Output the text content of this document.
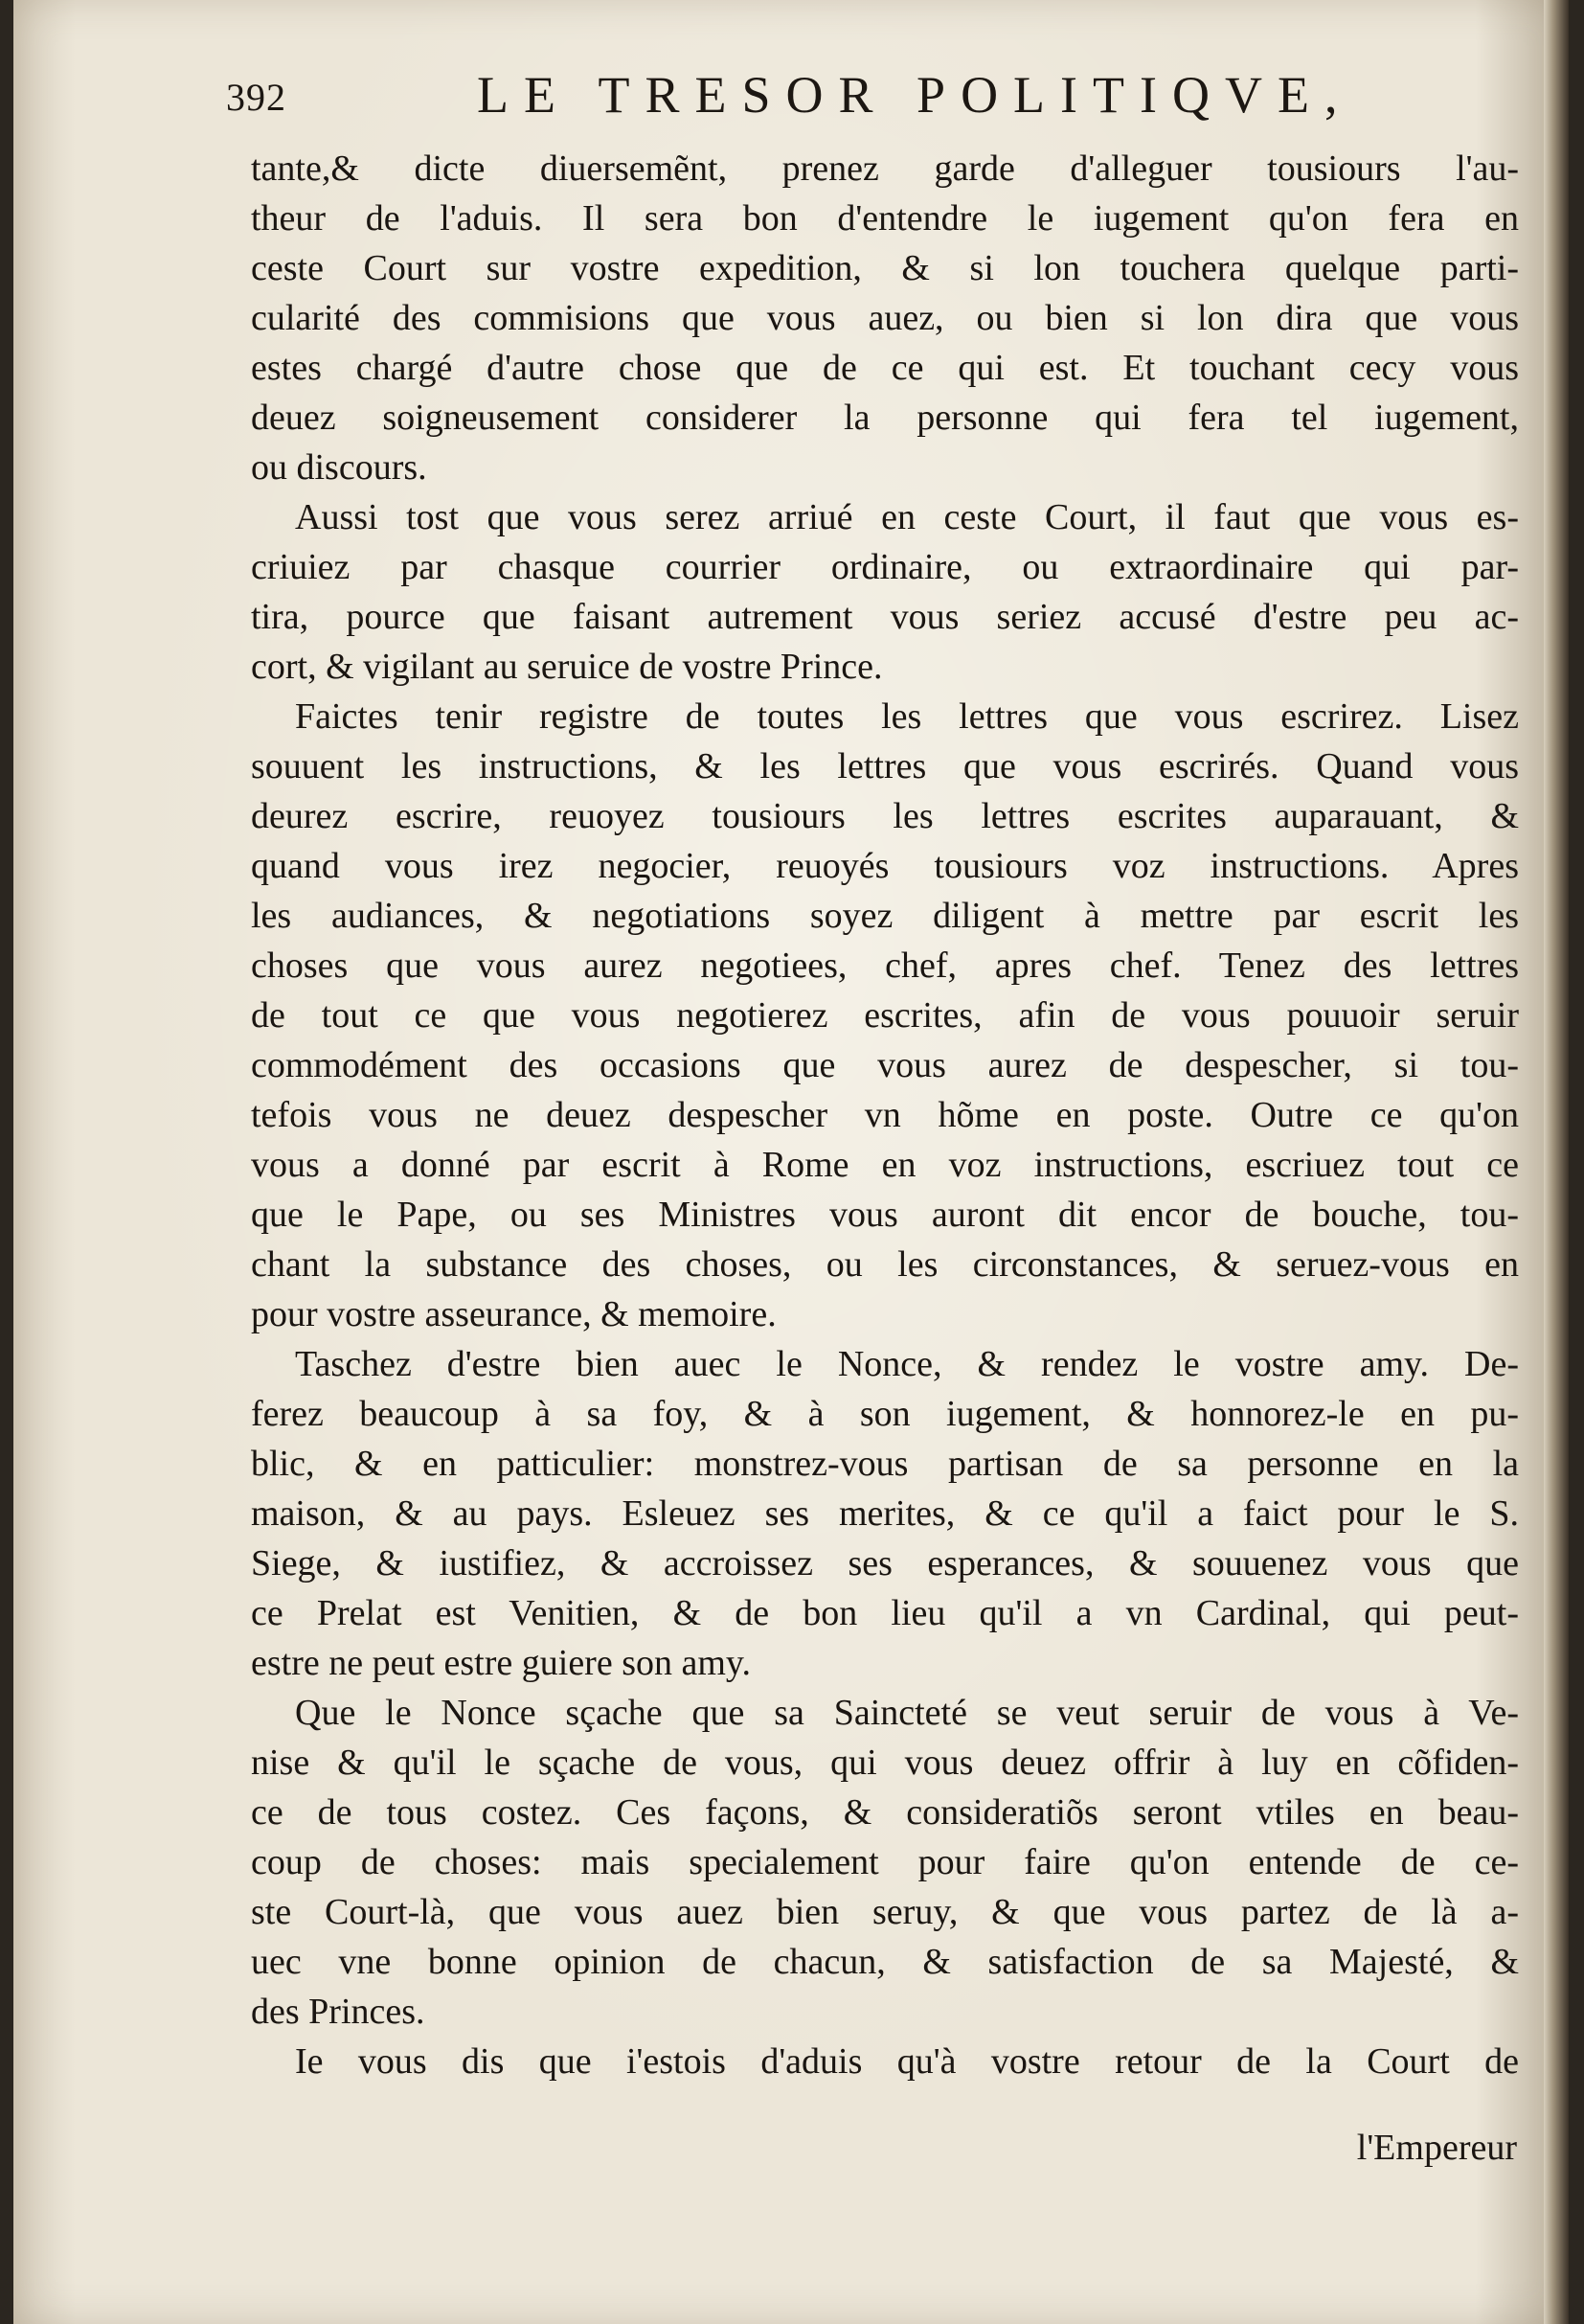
392	LE TRESOR POLITIQVE,
tante,& dicte diuersemẽnt, prenez garde d'alleguer tousiours l'au-
theur de l'aduis. Il sera bon d'entendre le iugement qu'on fera en
ceste Court sur vostre expedition, & si lon touchera quelque parti-
cularité des commisions que vous auez, ou bien si lon dira que vous
estes chargé d'autre chose que de ce qui est. Et touchant cecy vous
deuez soigneusement considerer la personne qui fera tel iugement,
ou discours.
Aussi tost que vous serez arriué en ceste Court, il faut que vous es-
criuiez par chasque courrier ordinaire, ou extraordinaire qui par-
tira, pource que faisant autrement vous seriez accusé d'estre peu ac-
cort, & vigilant au seruice de vostre Prince.
Faictes tenir registre de toutes les lettres que vous escrirez. Lisez
souuent les instructions, & les lettres que vous escrirés. Quand vous
deurez escrire, reuoyez tousiours les lettres escrites auparauant, &
quand vous irez negocier, reuoyés tousiours voz instructions. Apres
les audiances, & negotiations soyez diligent à mettre par escrit les
choses que vous aurez negotiees, chef, apres chef. Tenez des lettres
de tout ce que vous negotierez escrites, afin de vous pouuoir seruir
commodément des occasions que vous aurez de despescher, si tou-
tefois vous ne deuez despescher vn hõme en poste. Outre ce qu'on
vous a donné par escrit à Rome en voz instructions, escriuez tout ce
que le Pape, ou ses Ministres vous auront dit encor de bouche, tou-
chant la substance des choses, ou les circonstances, & seruez-vous en
pour vostre asseurance, & memoire.
Taschez d'estre bien auec le Nonce, & rendez le vostre amy. De-
ferez beaucoup à sa foy, & à son iugement, & honnorez-le en pu-
blic, & en patticulier: monstrez-vous partisan de sa personne en la
maison, & au pays. Esleuez ses merites, & ce qu'il a faict pour le S.
Siege, & iustifiez, & accroissez ses esperances, & souuenez vous que
ce Prelat est Venitien, & de bon lieu qu'il a vn Cardinal, qui peut-
estre ne peut estre guiere son amy.
Que le Nonce sçache que sa Saincteté se veut seruir de vous à Ve-
nise & qu'il le sçache de vous, qui vous deuez offrir à luy en cõfiden-
ce de tous costez. Ces façons, & consideratiõs seront vtiles en beau-
coup de choses: mais specialement pour faire qu'on entende de ce-
ste Court-là, que vous auez bien seruy, & que vous partez de là a-
uec vne bonne opinion de chacun, & satisfaction de sa Majesté, &
des Princes.
Ie vous dis que i'estois d'aduis qu'à vostre retour de la Court de
l'Empereur
